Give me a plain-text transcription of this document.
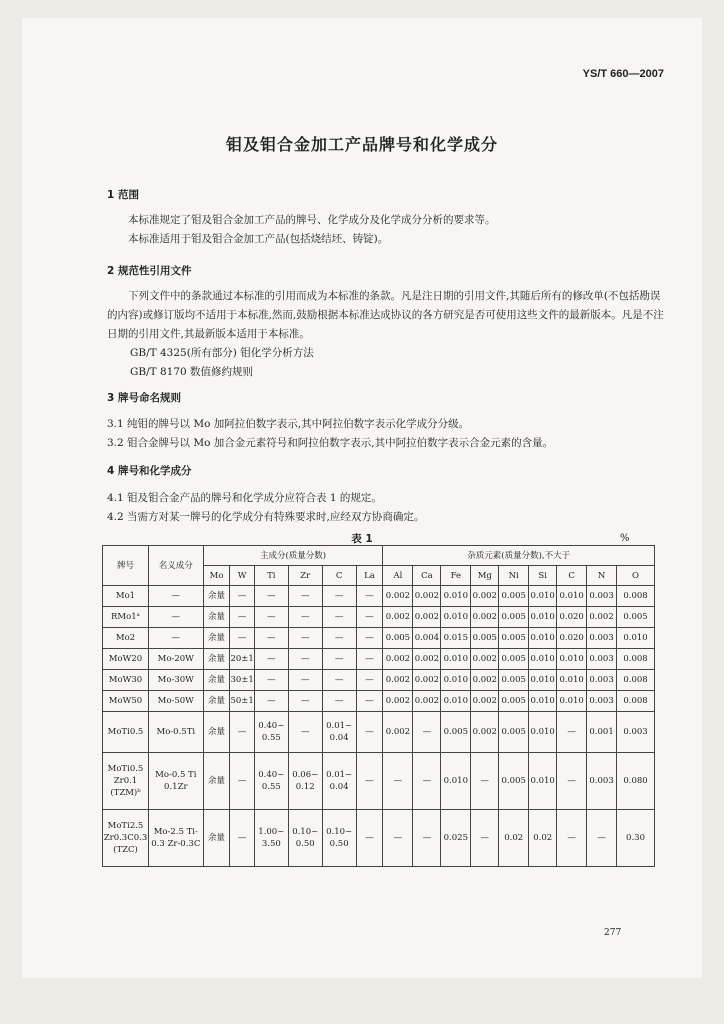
YS/T 660—2007
钼及钼合金加工产品牌号和化学成分
1 范围
本标准规定了钼及钼合金加工产品的牌号、化学成分及化学成分分析的要求等。
本标准适用于钼及钼合金加工产品(包括烧结坯、铸锭)。
2 规范性引用文件
下列文件中的条款通过本标准的引用而成为本标准的条款。凡是注日期的引用文件,其随后所有的修改单(不包括勘误的内容)或修订版均不适用于本标准,然而,鼓励根据本标准达成协议的各方研究是否可使用这些文件的最新版本。凡是不注日期的引用文件,其最新版本适用于本标准。
GB/T 4325(所有部分) 钼化学分析方法
GB/T 8170 数值修约规则
3 牌号命名规则
3.1 纯钼的牌号以 Mo 加阿拉伯数字表示,其中阿拉伯数字表示化学成分分级。
3.2 钼合金牌号以 Mo 加合金元素符号和阿拉伯数字表示,其中阿拉伯数字表示合金元素的含量。
4 牌号和化学成分
4.1 钼及钼合金产品的牌号和化学成分应符合表 1 的规定。
4.2 当需方对某一牌号的化学成分有特殊要求时,应经双方协商确定。
表 1	%
牌号	名义成分	主成分(质量分数)						杂质元素(质量分数),不大于								
		Mo	W	Ti	Zr	C	La	Al	Ca	Fe	Mg	Ni	Si	C	N	O
Mo1	—	余量	—	—	—	—	—	0.002	0.002	0.010	0.002	0.005	0.010	0.010	0.003	0.008
RMo1ᵃ	—	余量	—	—	—	—	—	0.002	0.002	0.010	0.002	0.005	0.010	0.020	0.002	0.005
Mo2	—	余量	—	—	—	—	—	0.005	0.004	0.015	0.005	0.005	0.010	0.020	0.003	0.010
MoW20	Mo-20W	余量	20±1	—	—	—	—	0.002	0.002	0.010	0.002	0.005	0.010	0.010	0.003	0.008
MoW30	Mo-30W	余量	30±1	—	—	—	—	0.002	0.002	0.010	0.002	0.005	0.010	0.010	0.003	0.008
MoW50	Mo-50W	余量	50±1	—	—	—	—	0.002	0.002	0.010	0.002	0.005	0.010	0.010	0.003	0.008
MoTi0.5	Mo-0.5Ti	余量	—	0.40~ 0.55	—	0.01~ 0.04	—	0.002	—	0.005	0.002	0.005	0.010	—	0.001	0.003
MoTi0.5 Zr0.1 (TZM)ᵇ	Mo-0.5 Ti 0.1Zr	余量	—	0.40~ 0.55	0.06~ 0.12	0.01~ 0.04	—	—	—	0.010	—	0.005	0.010	—	0.003	0.080
MoTi2.5 Zr0.3C0.3 (TZC)	Mo-2.5 Ti-0.3 Zr-0.3C	余量	—	1.00~ 3.50	0.10~ 0.50	0.10~ 0.50	—	—	—	0.025	—	0.02	0.02	—	—	0.30
277
